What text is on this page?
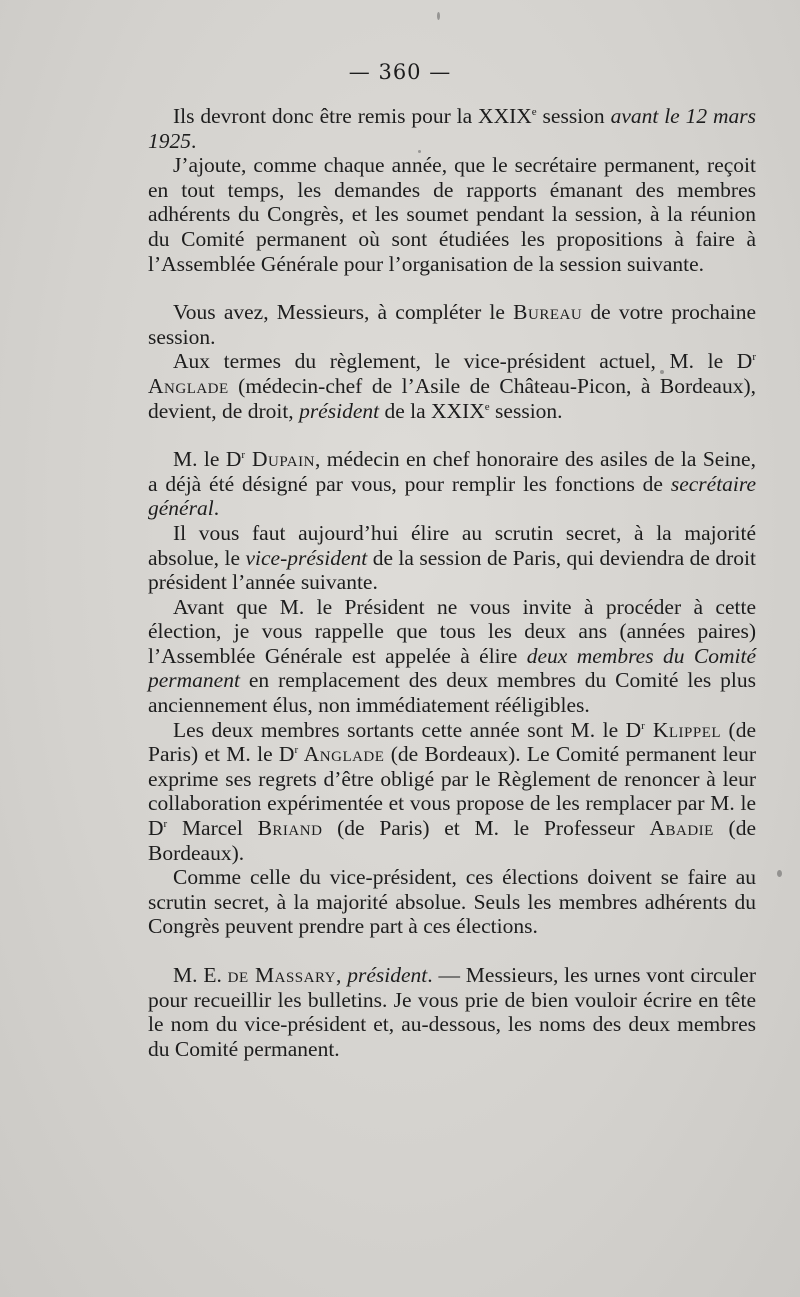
— 360 —

Ils devront donc être remis pour la XXIXe session avant le 12 mars 1925.

J’ajoute, comme chaque année, que le secrétaire permanent, reçoit en tout temps, les demandes de rapports émanant des membres adhérents du Congrès, et les soumet pendant la session, à la réunion du Comité permanent où sont étudiées les propositions à faire à l’Assemblée Générale pour l’organisation de la session suivante.

Vous avez, Messieurs, à compléter le Bureau de votre prochaine session.

Aux termes du règlement, le vice-président actuel, M. le $D^r$ Anglade (médecin-chef de l’Asile de Château-Picon, à Bordeaux), devient, de droit, président de la XXIXe session.

M. le $D^r$ Dupain, médecin en chef honoraire des asiles de la Seine, a déjà été désigné par vous, pour remplir les fonctions de secrétaire général.

Il vous faut aujourd’hui élire au scrutin secret, à la majorité absolue, le vice-président de la session de Paris, qui deviendra de droit président l’année suivante.

Avant que M. le Président ne vous invite à procéder à cette élection, je vous rappelle que tous les deux ans (années paires) l’Assemblée Générale est appelée à élire deux membres du Comité permanent en remplacement des deux membres du Comité les plus anciennement élus, non immédiatement rééligibles.

Les deux membres sortants cette année sont M. le $D^r$ Klippel (de Paris) et M. le $D^r$ Anglade (de Bordeaux). Le Comité permanent leur exprime ses regrets d’être obligé par le Règlement de renoncer à leur collaboration expérimentée et vous propose de les remplacer par M. le $D^r$ Marcel Briand (de Paris) et M. le Professeur Abadie (de Bordeaux).

Comme celle du vice-président, ces élections doivent se faire au scrutin secret, à la majorité absolue. Seuls les membres adhérents du Congrès peuvent prendre part à ces élections.

M. E. de Massary, président. — Messieurs, les urnes vont circuler pour recueillir les bulletins. Je vous prie de bien vouloir écrire en tête le nom du vice-président et, au-dessous, les noms des deux membres du Comité permanent.
